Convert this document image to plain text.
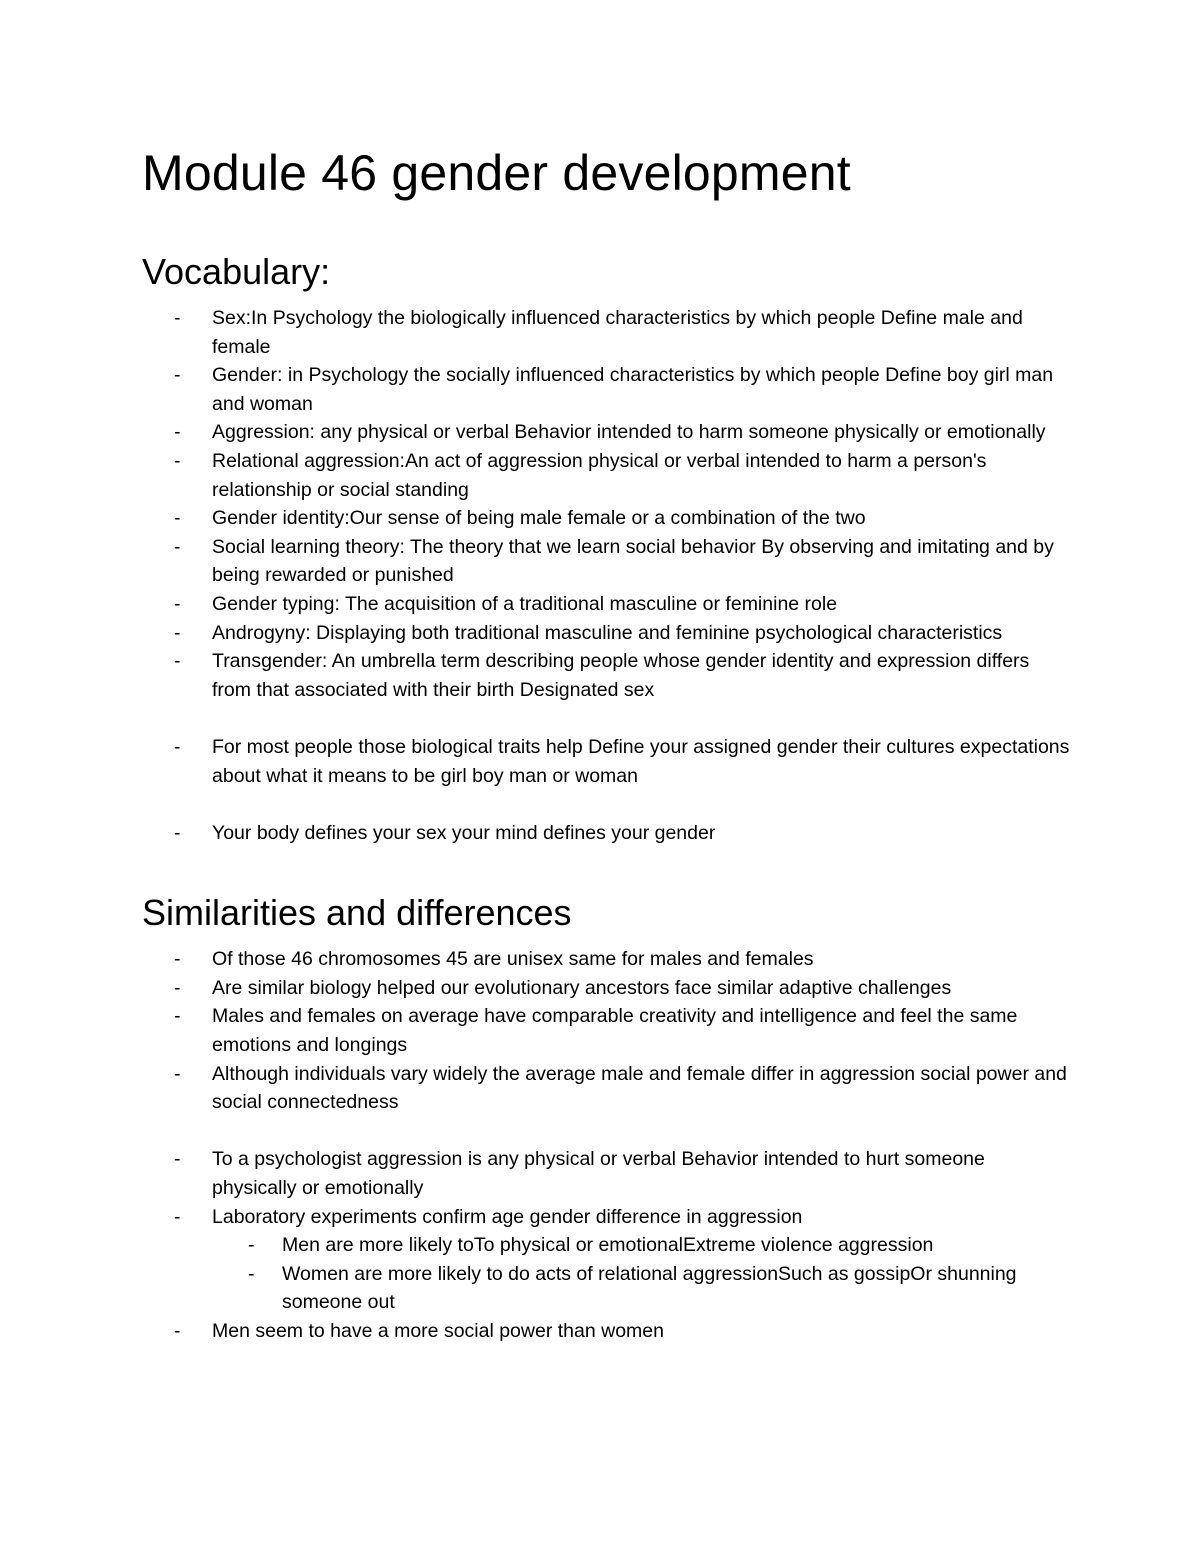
Module 46 gender development
Vocabulary:
- Sex:In Psychology the biologically influenced characteristics by which people Define male and female
- Gender: in Psychology the socially influenced characteristics by which people Define boy girl man and woman
- Aggression: any physical or verbal Behavior intended to harm someone physically or emotionally
- Relational aggression:An act of aggression physical or verbal intended to harm a person's relationship or social standing
- Gender identity:Our sense of being male female or a combination of the two
- Social learning theory: The theory that we learn social behavior By observing and imitating and by being rewarded or punished
- Gender typing: The acquisition of a traditional masculine or feminine role
- Androgyny: Displaying both traditional masculine and feminine psychological characteristics
- Transgender: An umbrella term describing people whose gender identity and expression differs from that associated with their birth Designated sex
- For most people those biological traits help Define your assigned gender their cultures expectations about what it means to be girl boy man or woman
- Your body defines your sex your mind defines your gender
Similarities and differences
- Of those 46 chromosomes 45 are unisex same for males and females
- Are similar biology helped our evolutionary ancestors face similar adaptive challenges
- Males and females on average have comparable creativity and intelligence and feel the same emotions and longings
- Although individuals vary widely the average male and female differ in aggression social power and social connectedness
- To a psychologist aggression is any physical or verbal Behavior intended to hurt someone physically or emotionally
- Laboratory experiments confirm age gender difference in aggression
- Men are more likely toTo physical or emotionalExtreme violence aggression
- Women are more likely to do acts of relational aggressionSuch as gossipOr shunning someone out
- Men seem to have a more social power than women
